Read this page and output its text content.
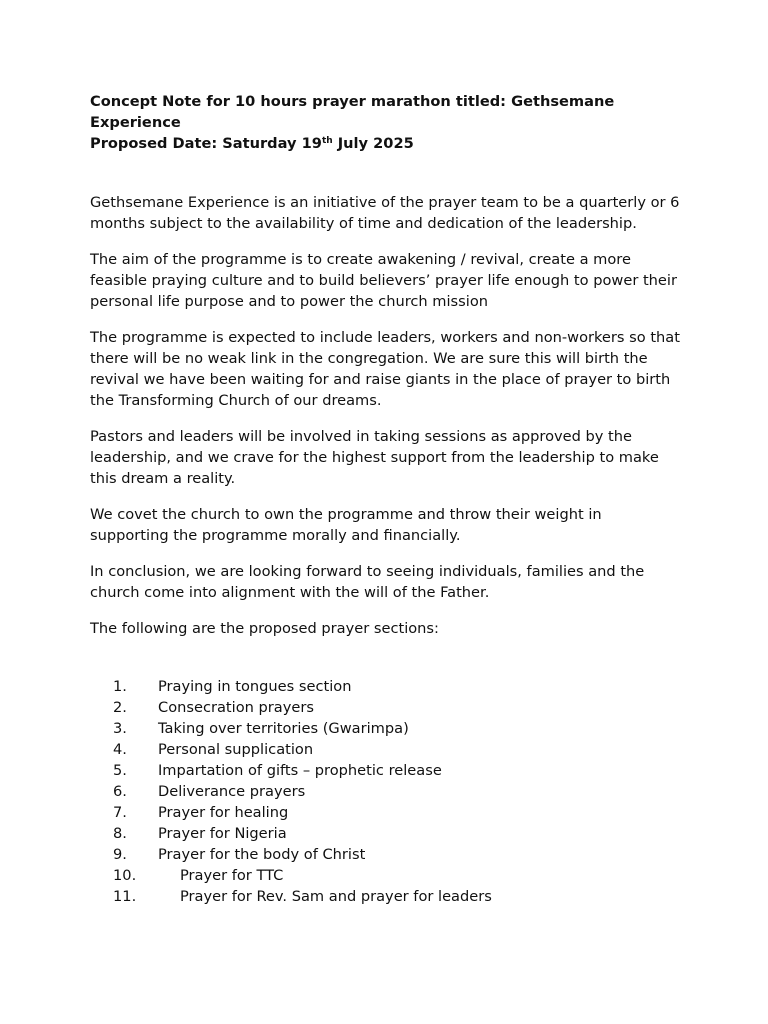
Concept Note for 10 hours prayer marathon titled: Gethsemane Experience

Proposed Date: Saturday 19th July 2025

Gethsemane Experience is an initiative of the prayer team to be a quarterly or 6 months subject to the availability of time and dedication of the leadership.

The aim of the programme is to create awakening / revival, create a more feasible praying culture and to build believers’ prayer life enough to power their personal life purpose and to power the church mission

The programme is expected to include leaders, workers and non-workers so that there will be no weak link in the congregation. We are sure this will birth the revival we have been waiting for and raise giants in the place of prayer to birth the Transforming Church of our dreams.

Pastors and leaders will be involved in taking sessions as approved by the leadership, and we crave for the highest support from the leadership to make this dream a reality.

We covet the church to own the programme and throw their weight in supporting the programme morally and financially.

In conclusion, we are looking forward to seeing individuals, families and the church come into alignment with the will of the Father.

The following are the proposed prayer sections:

1. Praying in tongues section
2. Consecration prayers
3. Taking over territories (Gwarimpa)
4. Personal supplication
5. Impartation of gifts – prophetic release
6. Deliverance prayers
7. Prayer for healing
8. Prayer for Nigeria
9. Prayer for the body of Christ
10.	Prayer for TTC
11.	Prayer for Rev. Sam and prayer for leaders
